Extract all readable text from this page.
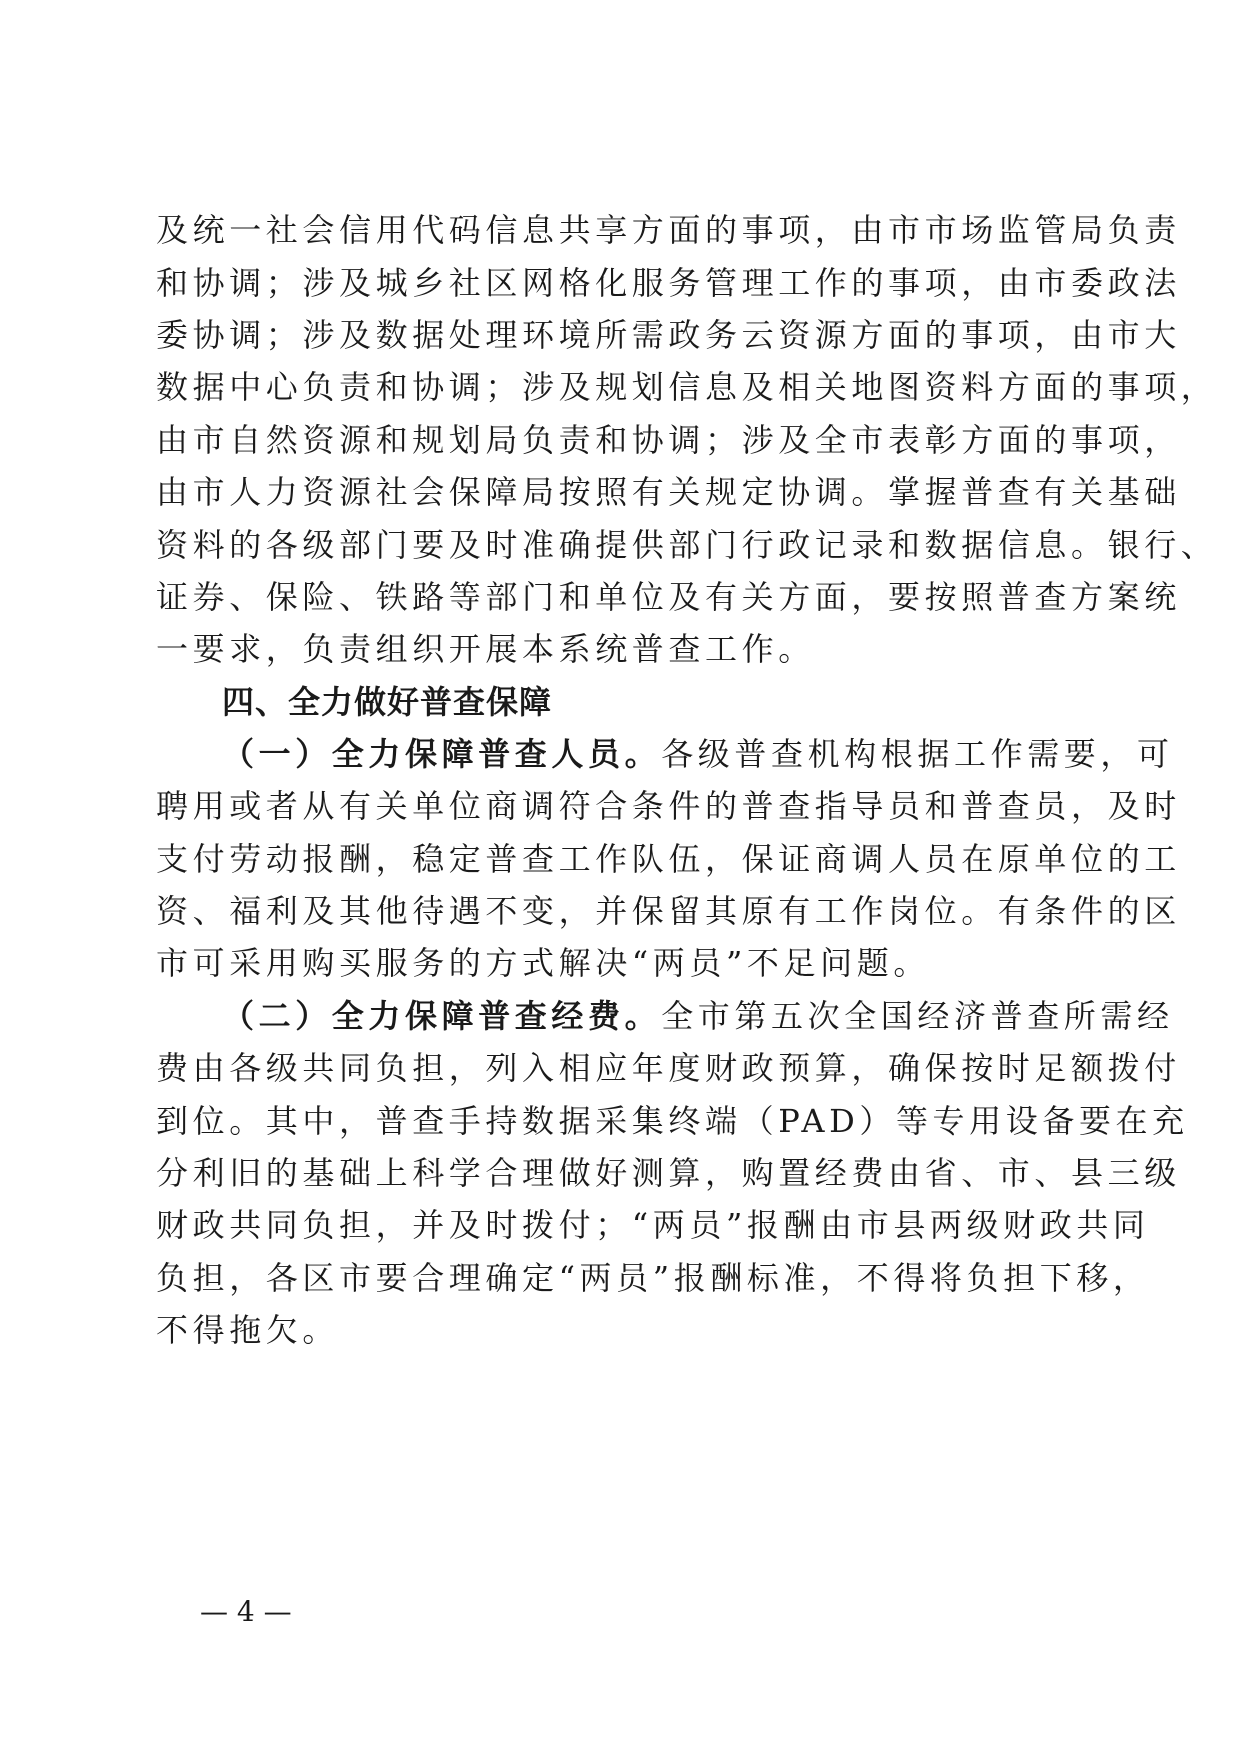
及统一社会信用代码信息共享方面的事项，由市市场监管局负责
和协调；涉及城乡社区网格化服务管理工作的事项，由市委政法
委协调；涉及数据处理环境所需政务云资源方面的事项，由市大
数据中心负责和协调；涉及规划信息及相关地图资料方面的事项，
由市自然资源和规划局负责和协调；涉及全市表彰方面的事项，
由市人力资源社会保障局按照有关规定协调。掌握普查有关基础
资料的各级部门要及时准确提供部门行政记录和数据信息。银行、
证券、保险、铁路等部门和单位及有关方面，要按照普查方案统
一要求，负责组织开展本系统普查工作。
四、全力做好普查保障
（一）全力保障普查人员。各级普查机构根据工作需要，可
聘用或者从有关单位商调符合条件的普查指导员和普查员，及时
支付劳动报酬，稳定普查工作队伍，保证商调人员在原单位的工
资、福利及其他待遇不变，并保留其原有工作岗位。有条件的区
市可采用购买服务的方式解决“两员”不足问题。
（二）全力保障普查经费。全市第五次全国经济普查所需经
费由各级共同负担，列入相应年度财政预算，确保按时足额拨付
到位。其中，普查手持数据采集终端（PAD）等专用设备要在充
分利旧的基础上科学合理做好测算，购置经费由省、市、县三级
财政共同负担，并及时拨付；“两员”报酬由市县两级财政共同
负担，各区市要合理确定“两员”报酬标准，不得将负担下移，
不得拖欠。
— 4 —
